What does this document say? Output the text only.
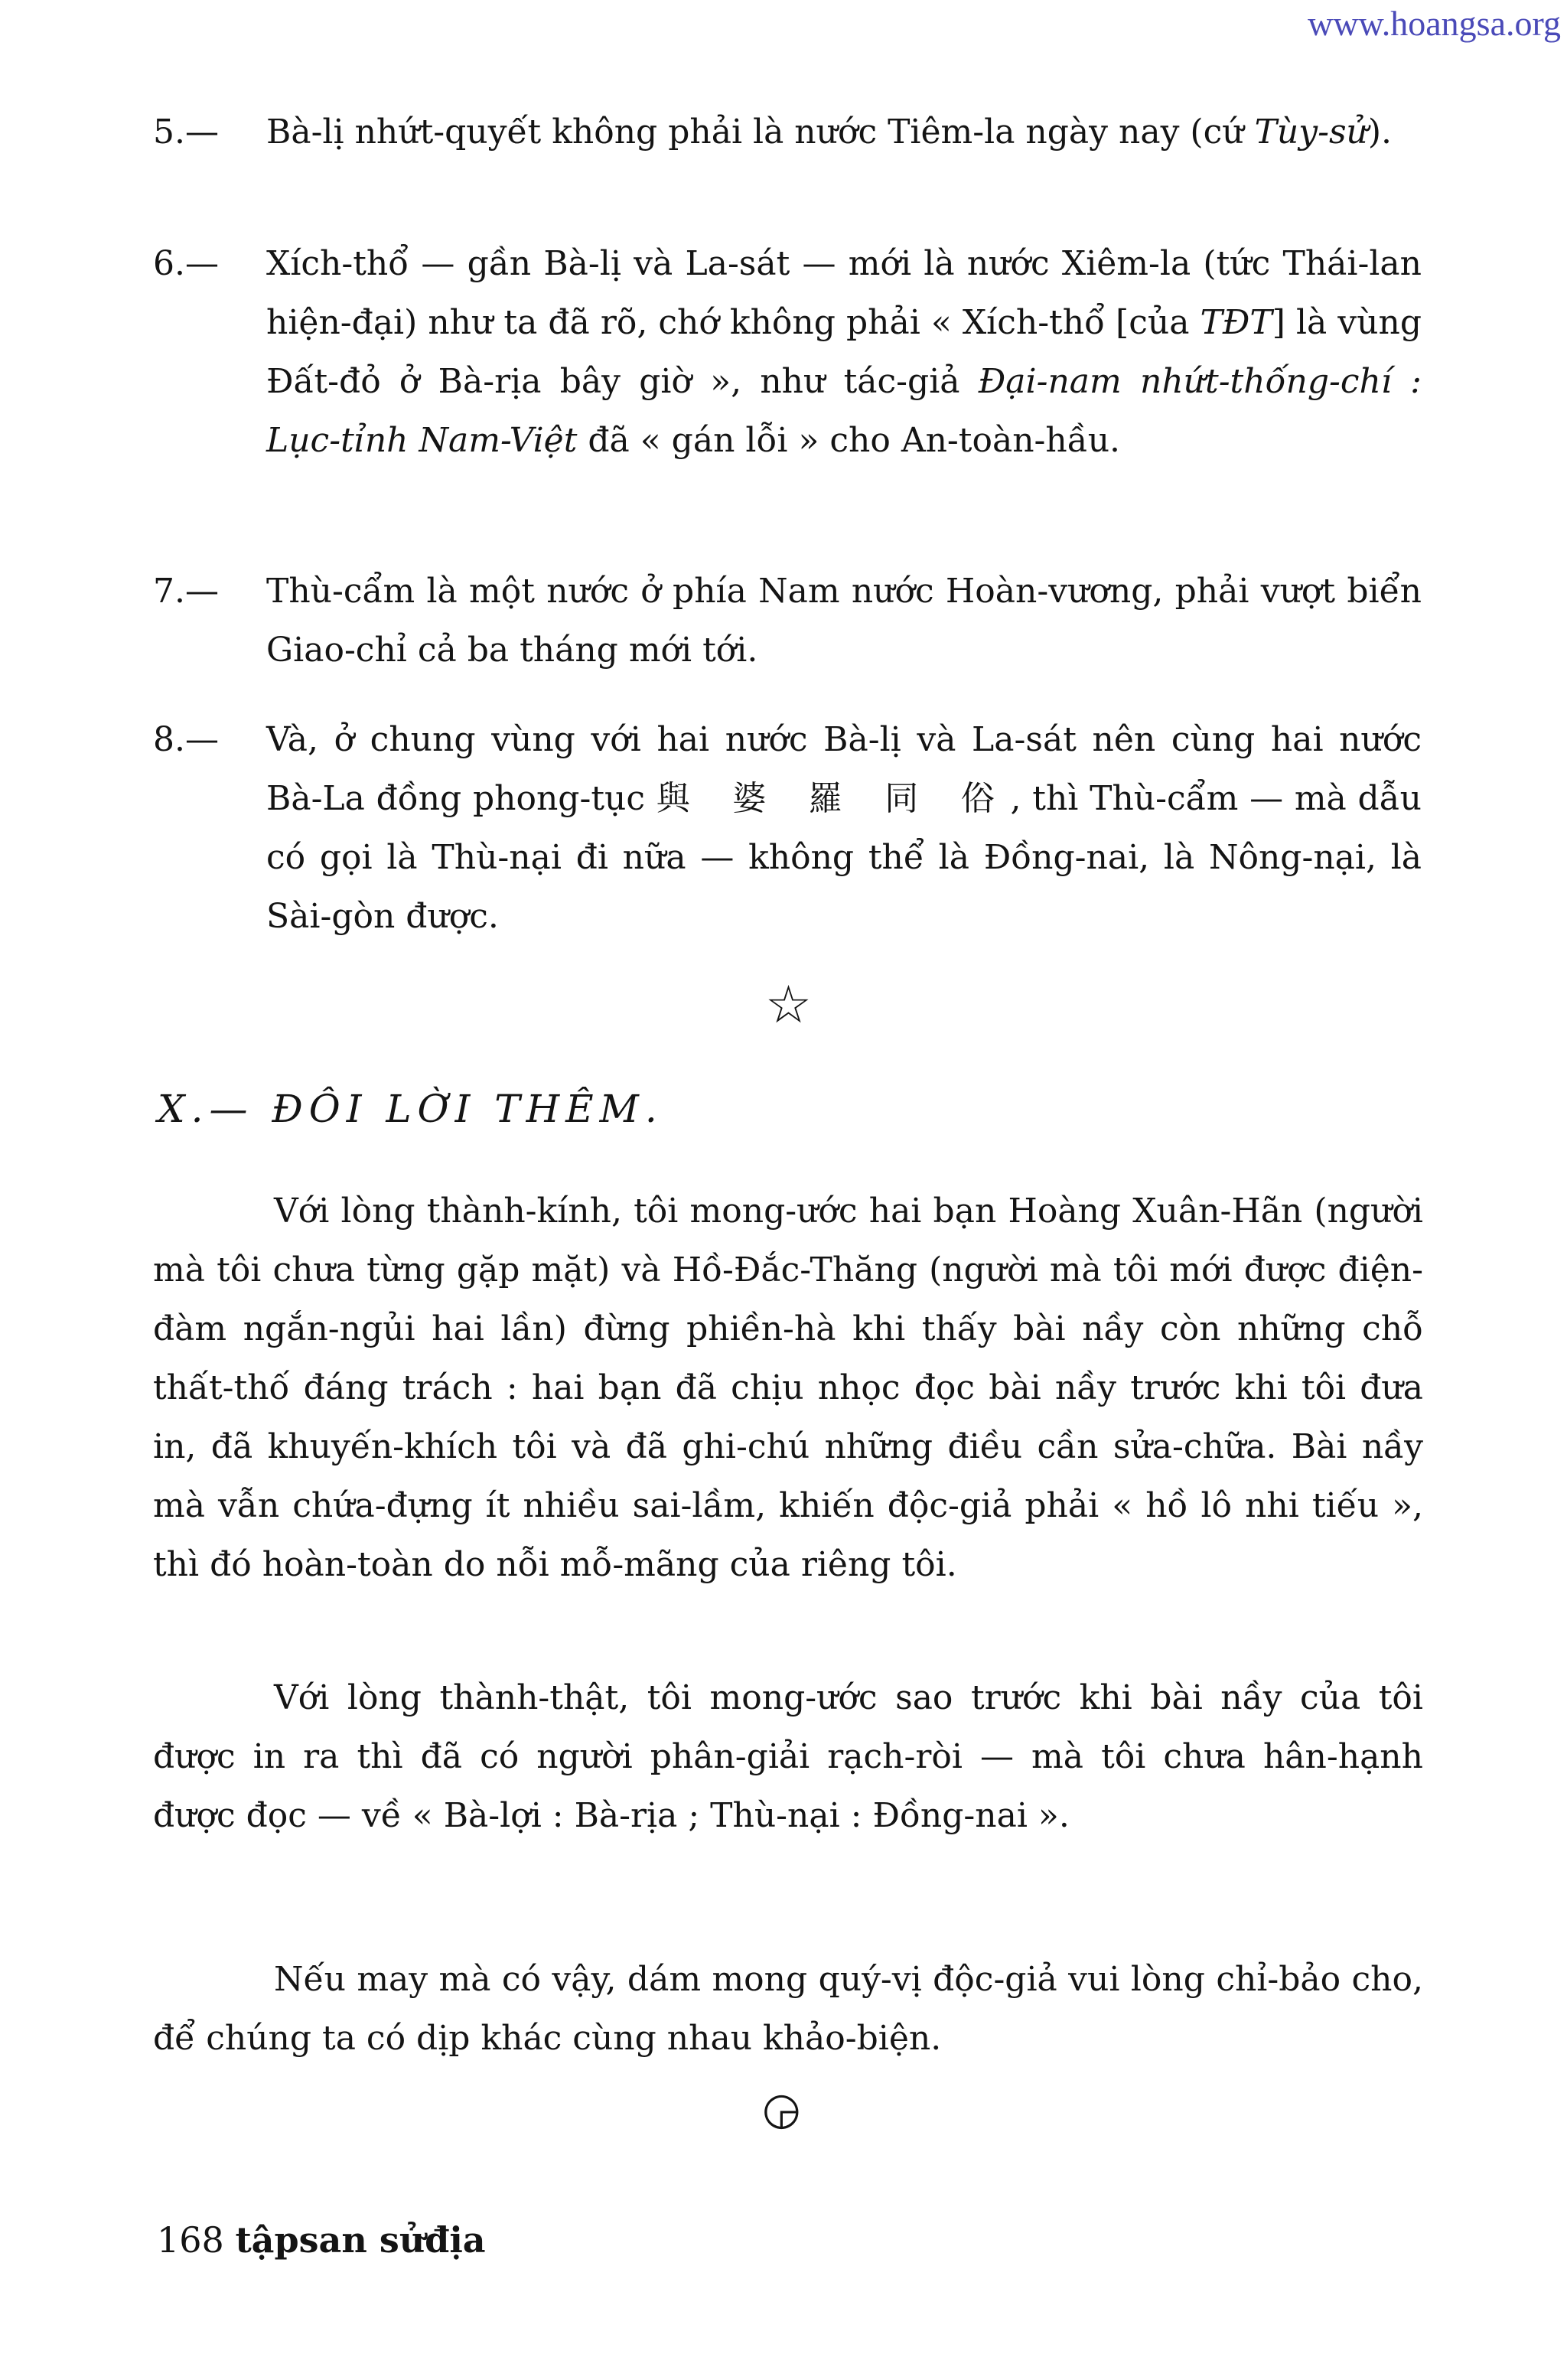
www.hoangsa.org
5.— Bà-lị nhứt-quyết không phải là nước Tiêm-la ngày nay (cứ Tùy-sử).
6.— Xích-thổ — gần Bà-lị và La-sát — mới là nước Xiêm-la (tức Thái-lan hiện-đại) như ta đã rõ, chớ không phải « Xích-thổ [của TĐT] là vùng Đất-đỏ ở Bà-rịa bây giờ », như tác-giả Đại-nam nhứt-thống-chí : Lục-tỉnh Nam-Việt đã « gán lỗi » cho An-toàn-hầu.
7.— Thù-cẩm là một nước ở phía Nam nước Hoàn-vương, phải vượt biển Giao-chỉ cả ba tháng mới tới.
8.— Và, ở chung vùng với hai nước Bà-lị và La-sát nên cùng hai nước Bà-La đồng phong-tục 與 婆 羅 同 俗, thì Thù-cẩm — mà dẫu có gọi là Thù-nại đi nữa — không thể là Đồng-nai, là Nông-nại, là Sài-gòn được.
☆
X.— ĐÔI LỜI THÊM.
Với lòng thành-kính, tôi mong-ước hai bạn Hoàng Xuân-Hãn (người mà tôi chưa từng gặp mặt) và Hồ-Đắc-Thăng (người mà tôi mới được điện-đàm ngắn-ngủi hai lần) đừng phiền-hà khi thấy bài nầy còn những chỗ thất-thố đáng trách : hai bạn đã chịu nhọc đọc bài nầy trước khi tôi đưa in, đã khuyến-khích tôi và đã ghi-chú những điều cần sửa-chữa. Bài nầy mà vẫn chứa-đựng ít nhiều sai-lầm, khiến độc-giả phải « hồ lô nhi tiếu », thì đó hoàn-toàn do nỗi mỗ-mãng của riêng tôi.
Với lòng thành-thật, tôi mong-ước sao trước khi bài nầy của tôi được in ra thì đã có người phân-giải rạch-ròi — mà tôi chưa hân-hạnh được đọc — về « Bà-lợi : Bà-rịa ; Thù-nại : Đồng-nai ».
Nếu may mà có vậy, dám mong quý-vị độc-giả vui lòng chỉ-bảo cho, để chúng ta có dịp khác cùng nhau khảo-biện.
◶
168 tậpsan sửđịa
